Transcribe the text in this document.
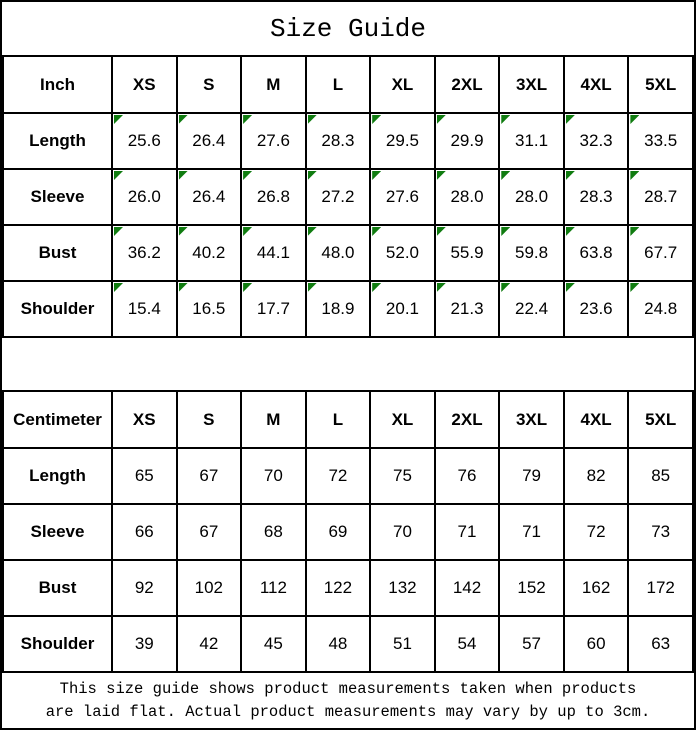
Size Guide
Inch	XS	S	M	L	XL	2XL	3XL	4XL	5XL
Length	25.6	26.4	27.6	28.3	29.5	29.9	31.1	32.3	33.5
Sleeve	26.0	26.4	26.8	27.2	27.6	28.0	28.0	28.3	28.7
Bust	36.2	40.2	44.1	48.0	52.0	55.9	59.8	63.8	67.7
Shoulder	15.4	16.5	17.7	18.9	20.1	21.3	22.4	23.6	24.8
Centimeter	XS	S	M	L	XL	2XL	3XL	4XL	5XL
Length	65	67	70	72	75	76	79	82	85
Sleeve	66	67	68	69	70	71	71	72	73
Bust	92	102	112	122	132	142	152	162	172
Shoulder	39	42	45	48	51	54	57	60	63
This size guide shows product measurements taken when products
are laid flat. Actual product measurements may vary by up to 3cm.
